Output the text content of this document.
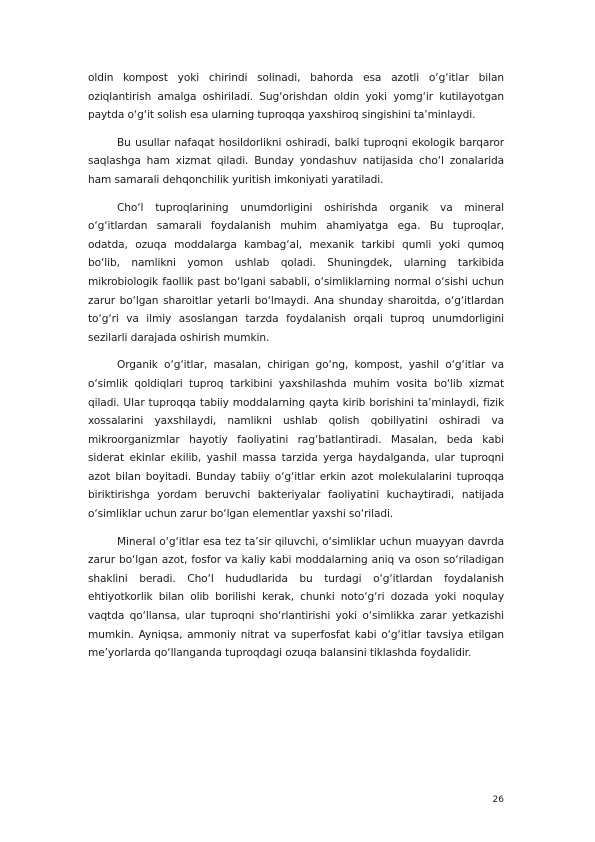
oldin kompost yoki chirindi solinadi, bahorda esa azotli o‘g‘itlar bilan oziqlantirish amalga oshiriladi. Sug‘orishdan oldin yoki yomg‘ir kutilayotgan paytda o‘g‘it solish esa ularning tuproqqa yaxshiroq singishini ta’minlaydi.

Bu usullar nafaqat hosildorlikni oshiradi, balki tuproqni ekologik barqaror saqlashga ham xizmat qiladi. Bunday yondashuv natijasida cho‘l zonalarida ham samarali dehqonchilik yuritish imkoniyati yaratiladi.

Cho‘l tuproqlarining unumdorligini oshirishda organik va mineral o‘g‘itlardan samarali foydalanish muhim ahamiyatga ega. Bu tuproqlar, odatda, ozuqa moddalarga kambag‘al, mexanik tarkibi qumli yoki qumoq bo‘lib, namlikni yomon ushlab qoladi. Shuningdek, ularning tarkibida mikrobiologik faollik past bo‘lgani sababli, o‘simliklarning normal o‘sishi uchun zarur bo‘lgan sharoitlar yetarli bo‘lmaydi. Ana shunday sharoitda, o‘g‘itlardan to‘g‘ri va ilmiy asoslangan tarzda foydalanish orqali tuproq unumdorligini sezilarli darajada oshirish mumkin.

Organik o‘g‘itlar, masalan, chirigan go‘ng, kompost, yashil o‘g‘itlar va o‘simlik qoldiqlari tuproq tarkibini yaxshilashda muhim vosita bo‘lib xizmat qiladi. Ular tuproqqa tabiiy moddalarning qayta kirib borishini ta’minlaydi, fizik xossalarini yaxshilaydi, namlikni ushlab qolish qobiliyatini oshiradi va mikroorganizmlar hayotiy faoliyatini rag‘batlantiradi. Masalan, beda kabi siderat ekinlar ekilib, yashil massa tarzida yerga haydalganda, ular tuproqni azot bilan boyitadi. Bunday tabiiy o‘g‘itlar erkin azot molekulalarini tuproqqa biriktirishga yordam beruvchi bakteriyalar faoliyatini kuchaytiradi, natijada o‘simliklar uchun zarur bo‘lgan elementlar yaxshi so‘riladi.

Mineral o‘g‘itlar esa tez ta’sir qiluvchi, o‘simliklar uchun muayyan davrda zarur bo‘lgan azot, fosfor va kaliy kabi moddalarning aniq va oson so‘riladigan shaklini beradi. Cho‘l hududlarida bu turdagi o‘g‘itlardan foydalanish ehtiyotkorlik bilan olib borilishi kerak, chunki noto‘g‘ri dozada yoki noqulay vaqtda qo‘llansa, ular tuproqni sho‘rlantirishi yoki o‘simlikka zarar yetkazishi mumkin. Ayniqsa, ammoniy nitrat va superfosfat kabi o‘g‘itlar tavsiya etilgan me’yorlarda qo‘llanganda tuproqdagi ozuqa balansini tiklashda foydalidir.

26
